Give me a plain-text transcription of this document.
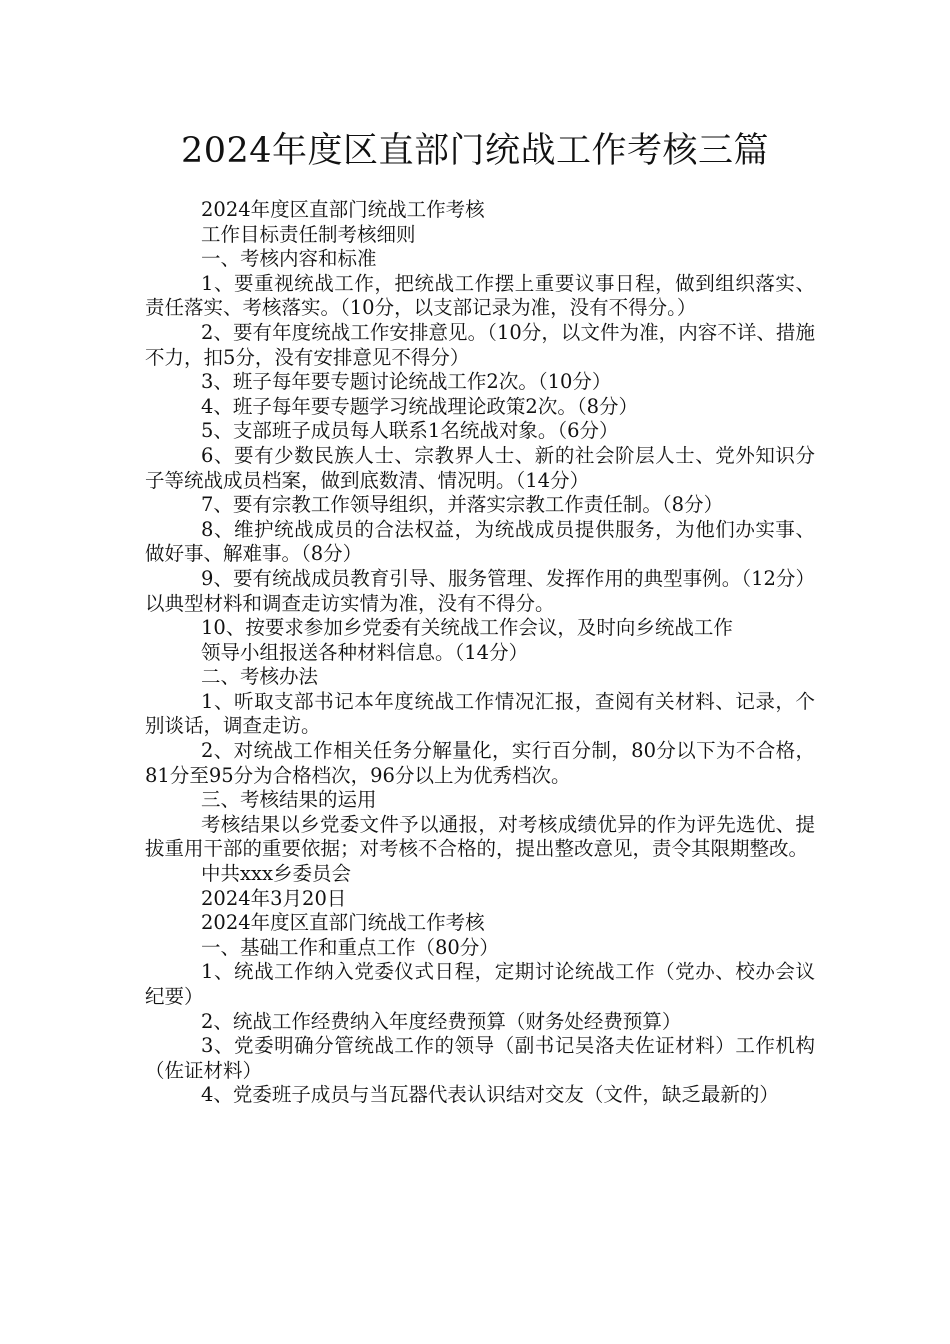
2024年度区直部门统战工作考核三篇
2024年度区直部门统战工作考核
工作目标责任制考核细则
一、考核内容和标准

1、要重视统战工作，把统战工作摆上重要议事日程，做到组织落实、责任落实、考核落实。（10分，以支部记录为准，没有不得分。）

2、要有年度统战工作安排意见。（10分，以文件为准，内容不详、措施不力，扣5分，没有安排意见不得分）

3、班子每年要专题讨论统战工作2次。（10分）
4、班子每年要专题学习统战理论政策2次。（8分）
5、支部班子成员每人联系1名统战对象。（6分）

6、要有少数民族人士、宗教界人士、新的社会阶层人士、党外知识分子等统战成员档案，做到底数清、情况明。（14分）

7、要有宗教工作领导组织，并落实宗教工作责任制。（8分）

8、维护统战成员的合法权益，为统战成员提供服务，为他们办实事、做好事、解难事。（8分）

9、要有统战成员教育引导、服务管理、发挥作用的典型事例。（12分）以典型材料和调查走访实情为准，没有不得分。

10、按要求参加乡党委有关统战工作会议，及时向乡统战工作
领导小组报送各种材料信息。（14分）
二、考核办法

1、听取支部书记本年度统战工作情况汇报，查阅有关材料、记录，个别谈话，调查走访。

2、对统战工作相关任务分解量化，实行百分制，80分以下为不合格，81分至95分为合格档次，96分以上为优秀档次。

三、考核结果的运用

考核结果以乡党委文件予以通报，对考核成绩优异的作为评先选优、提拔重用干部的重要依据；对考核不合格的，提出整改意见，责令其限期整改。

中共xxx乡委员会
2024年3月20日
2024年度区直部门统战工作考核
一、基础工作和重点工作（80分）

1、统战工作纳入党委仪式日程，定期讨论统战工作（党办、校办会议纪要）

2、统战工作经费纳入年度经费预算（财务处经费预算）

3、党委明确分管统战工作的领导（副书记吴洛夫佐证材料）工作机构（佐证材料）

4、党委班子成员与当瓦器代表认识结对交友（文件，缺乏最新的）
